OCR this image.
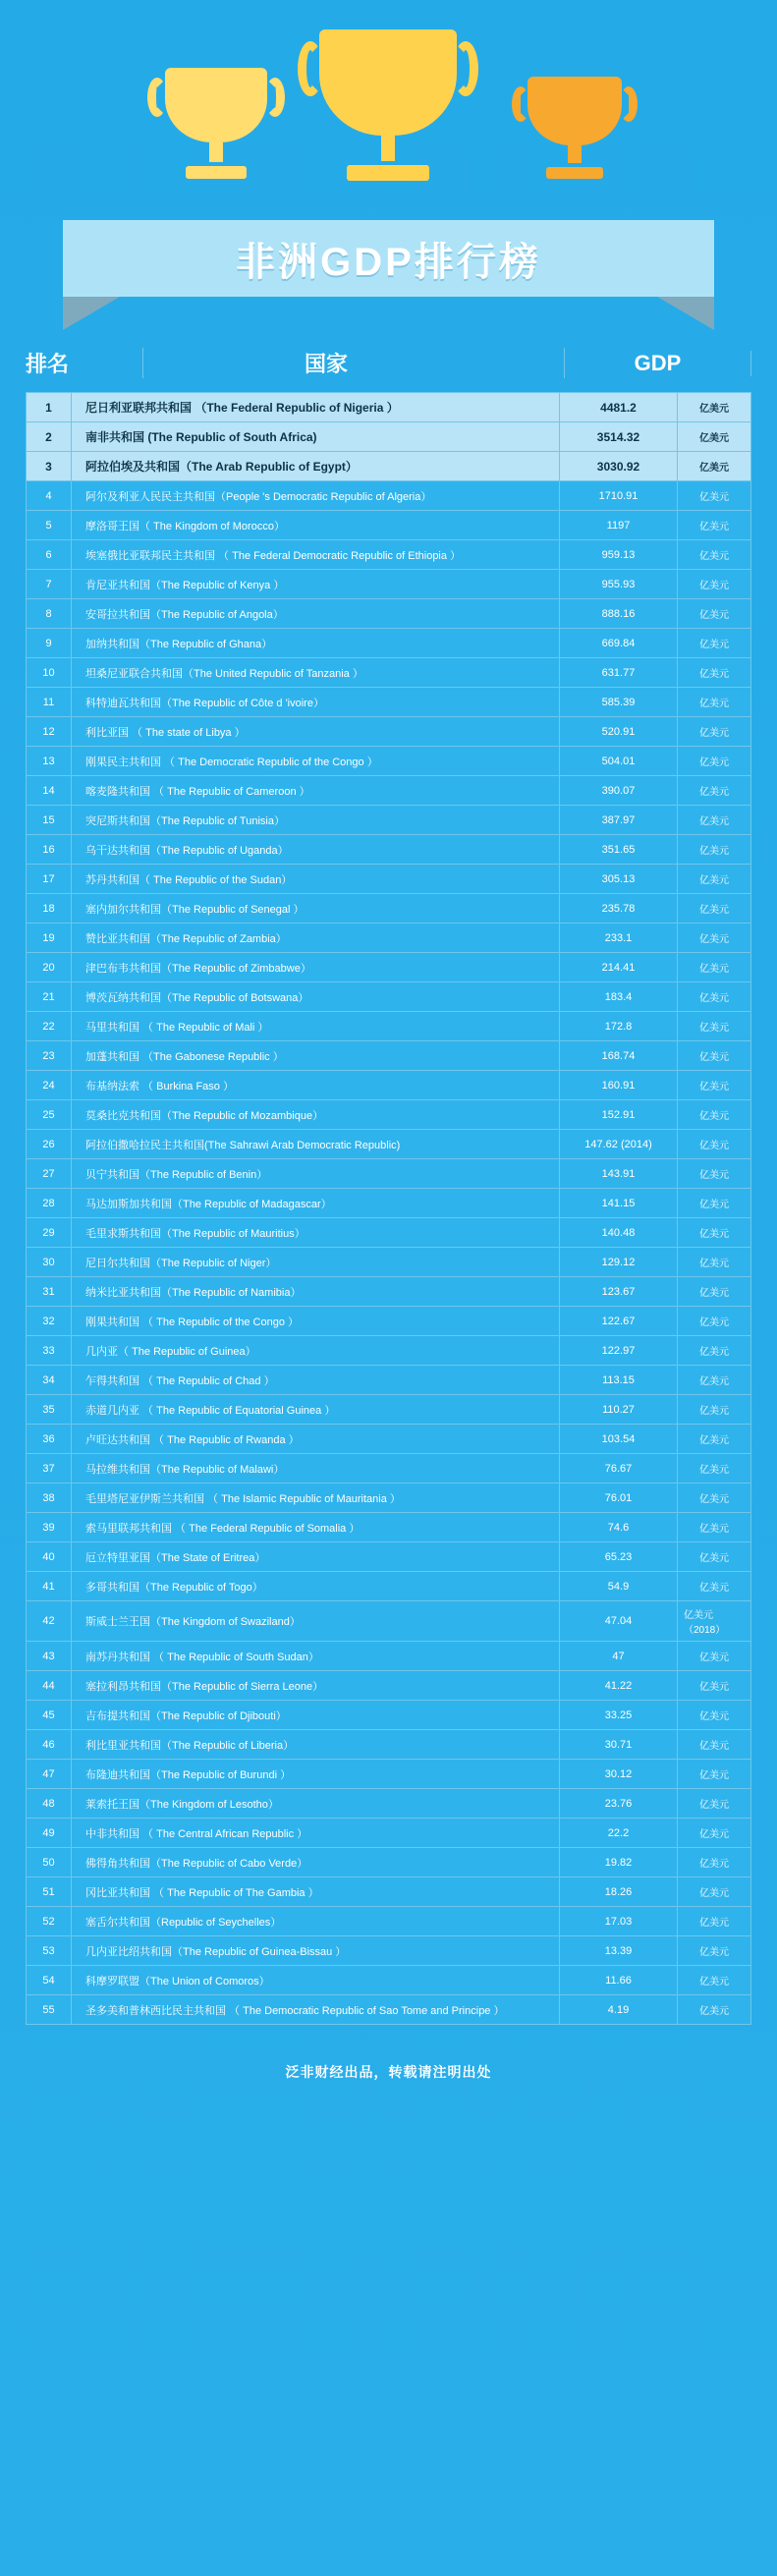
非洲GDP排行榜
排名	国家	GDP
1	尼日利亚联邦共和国 （The Federal Republic of Nigeria ）	4481.2	亿美元
2	南非共和国 (The Republic of South Africa)	3514.32	亿美元
3	阿拉伯埃及共和国（The Arab Republic of Egypt）	3030.92	亿美元
4	阿尔及利亚人民民主共和国（People 's Democratic Republic of Algeria）	1710.91	亿美元
5	摩洛哥王国（ The Kingdom of Morocco）	1197	亿美元
6	埃塞俄比亚联邦民主共和国 （ The Federal Democratic Republic of Ethiopia ）	959.13	亿美元
7	肯尼亚共和国（The Republic of Kenya ）	955.93	亿美元
8	安哥拉共和国（The Republic of Angola）	888.16	亿美元
9	加纳共和国（The Republic of Ghana）	669.84	亿美元
10	坦桑尼亚联合共和国（The United Republic of Tanzania ）	631.77	亿美元
11	科特迪瓦共和国（The Republic of Côte d 'ivoire）	585.39	亿美元
12	利比亚国 （ The state of Libya ）	520.91	亿美元
13	刚果民主共和国 （ The Democratic Republic of the Congo ）	504.01	亿美元
14	喀麦隆共和国 （ The Republic of Cameroon ）	390.07	亿美元
15	突尼斯共和国（The Republic of Tunisia）	387.97	亿美元
16	乌干达共和国（The Republic of Uganda）	351.65	亿美元
17	苏丹共和国（ The Republic of the Sudan）	305.13	亿美元
18	塞内加尔共和国（The Republic of Senegal ）	235.78	亿美元
19	赞比亚共和国（The Republic of Zambia）	233.1	亿美元
20	津巴布韦共和国（The Republic of Zimbabwe）	214.41	亿美元
21	博茨瓦纳共和国（The Republic of Botswana）	183.4	亿美元
22	马里共和国 （ The Republic of Mali ）	172.8	亿美元
23	加蓬共和国 （The Gabonese Republic ）	168.74	亿美元
24	布基纳法索 （ Burkina Faso ）	160.91	亿美元
25	莫桑比克共和国（The Republic of Mozambique）	152.91	亿美元
26	阿拉伯撒哈拉民主共和国(The Sahrawi Arab Democratic Republic)	147.62 (2014)	亿美元
27	贝宁共和国（The Republic of Benin）	143.91	亿美元
28	马达加斯加共和国（The Republic of Madagascar）	141.15	亿美元
29	毛里求斯共和国（The Republic of Mauritius）	140.48	亿美元
30	尼日尔共和国（The Republic of Niger）	129.12	亿美元
31	纳米比亚共和国（The Republic of Namibia）	123.67	亿美元
32	刚果共和国 （ The Republic of the Congo ）	122.67	亿美元
33	几内亚（ The Republic of Guinea）	122.97	亿美元
34	乍得共和国 （ The Republic of Chad ）	113.15	亿美元
35	赤道几内亚 （ The Republic of Equatorial Guinea ）	110.27	亿美元
36	卢旺达共和国 （ The Republic of Rwanda ）	103.54	亿美元
37	马拉维共和国（The Republic of Malawi）	76.67	亿美元
38	毛里塔尼亚伊斯兰共和国 （ The Islamic Republic of Mauritania ）	76.01	亿美元
39	索马里联邦共和国 （ The Federal Republic of Somalia ）	74.6	亿美元
40	厄立特里亚国（The State of Eritrea）	65.23	亿美元
41	多哥共和国（The Republic of Togo）	54.9	亿美元
42	斯威士兰王国（The Kingdom of Swaziland）	47.04	亿美元（2018）
43	南苏丹共和国 （ The Republic of South Sudan）	47	亿美元
44	塞拉利昂共和国（The Republic of Sierra Leone）	41.22	亿美元
45	吉布提共和国（The Republic of Djibouti）	33.25	亿美元
46	利比里亚共和国（The Republic of Liberia）	30.71	亿美元
47	布隆迪共和国（The Republic of Burundi ）	30.12	亿美元
48	莱索托王国（The Kingdom of Lesotho）	23.76	亿美元
49	中非共和国 （ The Central African Republic ）	22.2	亿美元
50	佛得角共和国（The Republic of Cabo Verde）	19.82	亿美元
51	冈比亚共和国 （ The Republic of The Gambia ）	18.26	亿美元
52	塞舌尔共和国（Republic of Seychelles）	17.03	亿美元
53	几内亚比绍共和国（The Republic of Guinea-Bissau ）	13.39	亿美元
54	科摩罗联盟（The Union of Comoros）	11.66	亿美元
55	圣多美和普林西比民主共和国 （ The Democratic Republic of Sao Tome and Principe ）	4.19	亿美元
泛非财经出品，转载请注明出处
